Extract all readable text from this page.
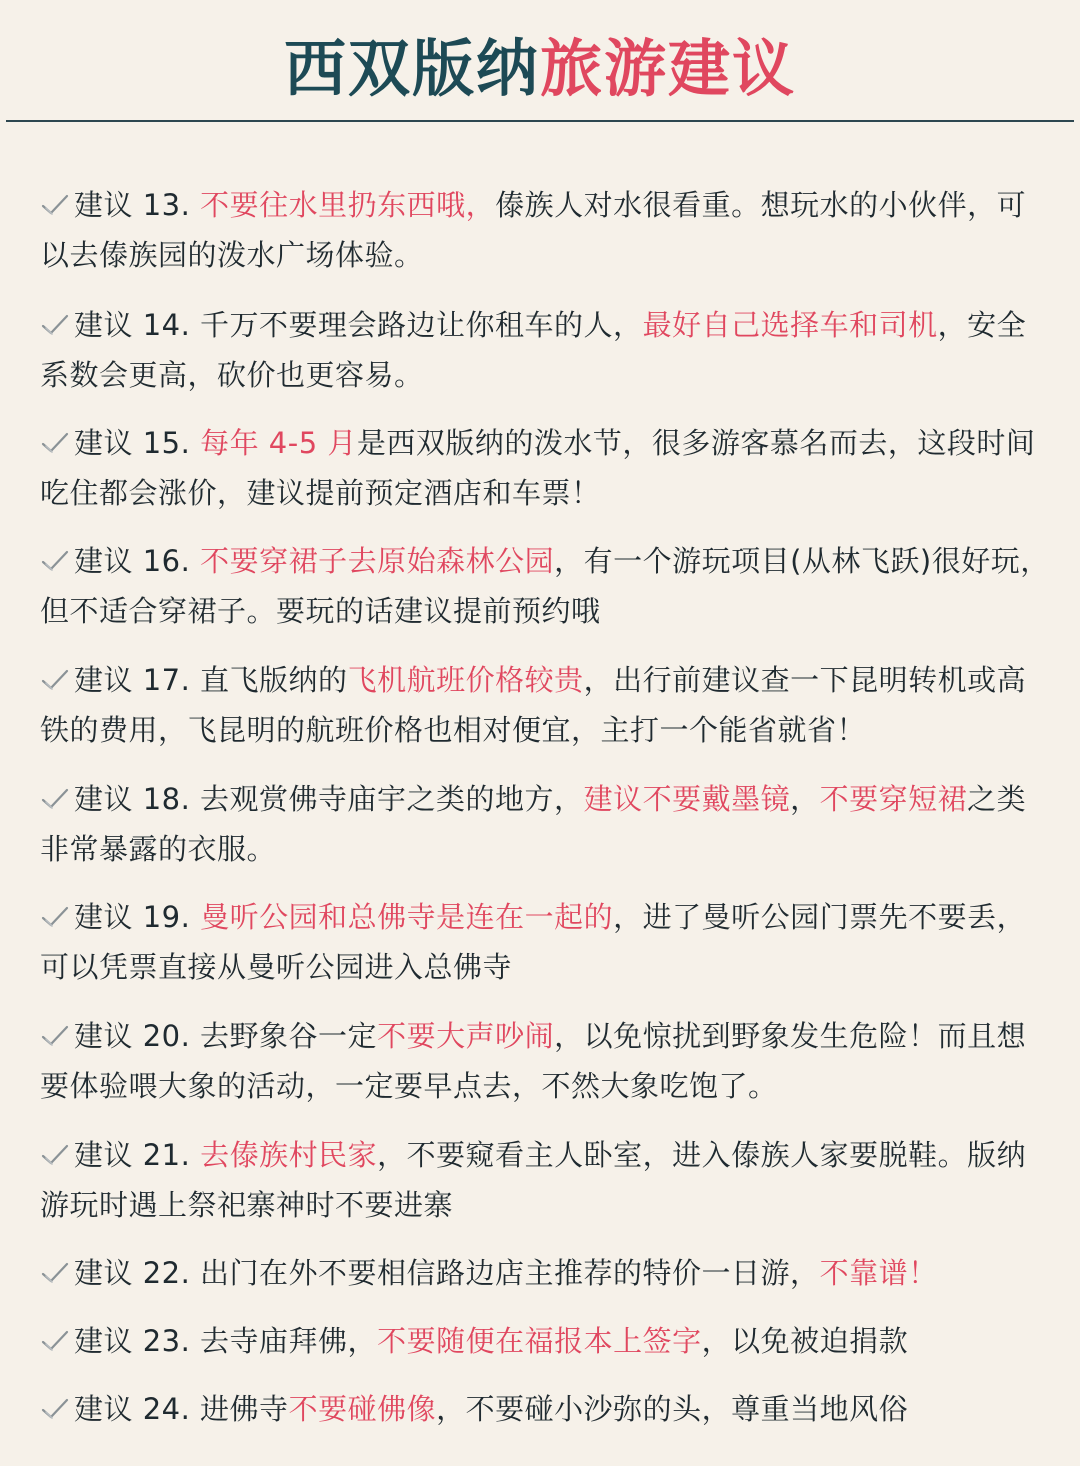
西双版纳旅游建议
建议 13. 不要往水里扔东西哦，傣族人对水很看重。想玩水的小伙伴，可以去傣族园的泼水广场体验。
建议 14. 千万不要理会路边让你租车的人，最好自己选择车和司机，安全系数会更高，砍价也更容易。
建议 15. 每年 4-5 月是西双版纳的泼水节，很多游客慕名而去，这段时间吃住都会涨价，建议提前预定酒店和车票！
建议 16. 不要穿裙子去原始森林公园，有一个游玩项目(从林飞跃)很好玩，但不适合穿裙子。要玩的话建议提前预约哦
建议 17. 直飞版纳的飞机航班价格较贵，出行前建议查一下昆明转机或高铁的费用，飞昆明的航班价格也相对便宜，主打一个能省就省！
建议 18. 去观赏佛寺庙宇之类的地方，建议不要戴墨镜，不要穿短裙之类非常暴露的衣服。
建议 19. 曼听公园和总佛寺是连在一起的，进了曼听公园门票先不要丢，可以凭票直接从曼听公园进入总佛寺
建议 20. 去野象谷一定不要大声吵闹，以免惊扰到野象发生危险！而且想要体验喂大象的活动，一定要早点去，不然大象吃饱了。
建议 21. 去傣族村民家，不要窥看主人卧室，进入傣族人家要脱鞋。版纳游玩时遇上祭祀寨神时不要进寨
建议 22. 出门在外不要相信路边店主推荐的特价一日游，不靠谱！
建议 23. 去寺庙拜佛，不要随便在福报本上签字，以免被迫捐款
建议 24. 进佛寺不要碰佛像，不要碰小沙弥的头，尊重当地风俗
